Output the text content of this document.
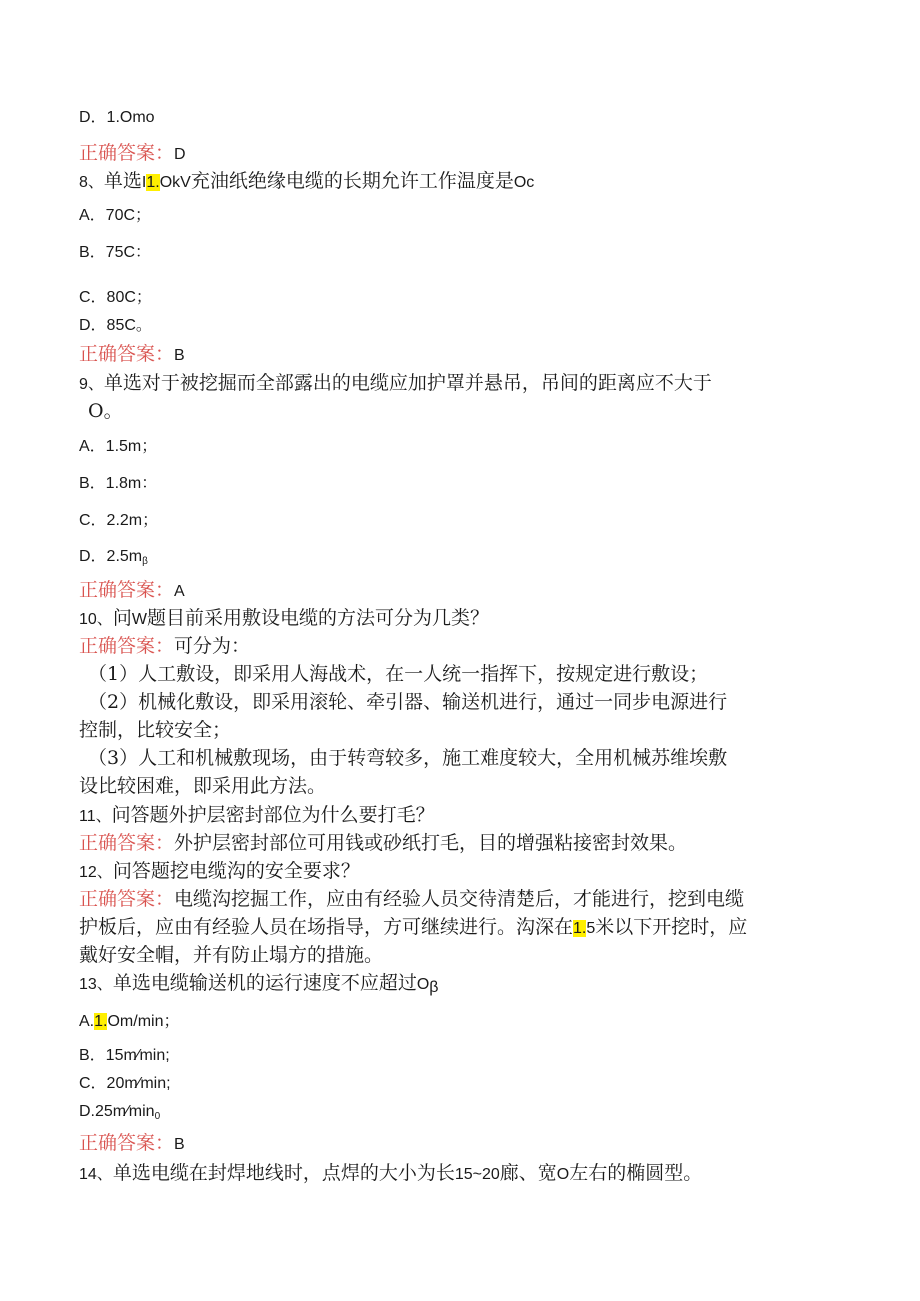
D．1.Omo
正确答案：D
8、单选I1.OkV充油纸绝缘电缆的长期允许工作温度是Oc
A．70C；
B．75C：
C．80C；
D．85C。
正确答案：B
9、单选对于被挖掘而全部露出的电缆应加护罩并悬吊，吊间的距离应不大于
O。
A．1.5m；
B．1.8m：
C．2.2m；
D．$2.5m_\beta$
正确答案：A
10、问W题目前采用敷设电缆的方法可分为几类？
正确答案：可分为：
（1）人工敷设，即采用人海战术，在一人统一指挥下，按规定进行敷设；
（2）机械化敷设，即采用滚轮、牵引器、输送机进行，通过一同步电源进行
控制，比较安全；
（3）人工和机械敷现场，由于转弯较多，施工难度较大，全用机械苏维埃敷
设比较困难，即采用此方法。
11、问答题外护层密封部位为什么要打毛？
正确答案：外护层密封部位可用钱或砂纸打毛，目的增强粘接密封效果。
12、问答题挖电缆沟的安全要求？
正确答案：电缆沟挖掘工作，应由有经验人员交待清楚后，才能进行，挖到电缆
护板后，应由有经验人员在场指导，方可继续进行。沟深在1.5米以下开挖时，应
戴好安全帽，并有防止塌方的措施。
13、单选电缆输送机的运行速度不应超过$O_\beta$
A.1.Om/min；
B．15m∕min;
C．20m∕min;
$D.25m∕\min_0$
正确答案：B
14、单选电缆在封焊地线时，点焊的大小为长15~20廊、宽O左右的椭圆型。
